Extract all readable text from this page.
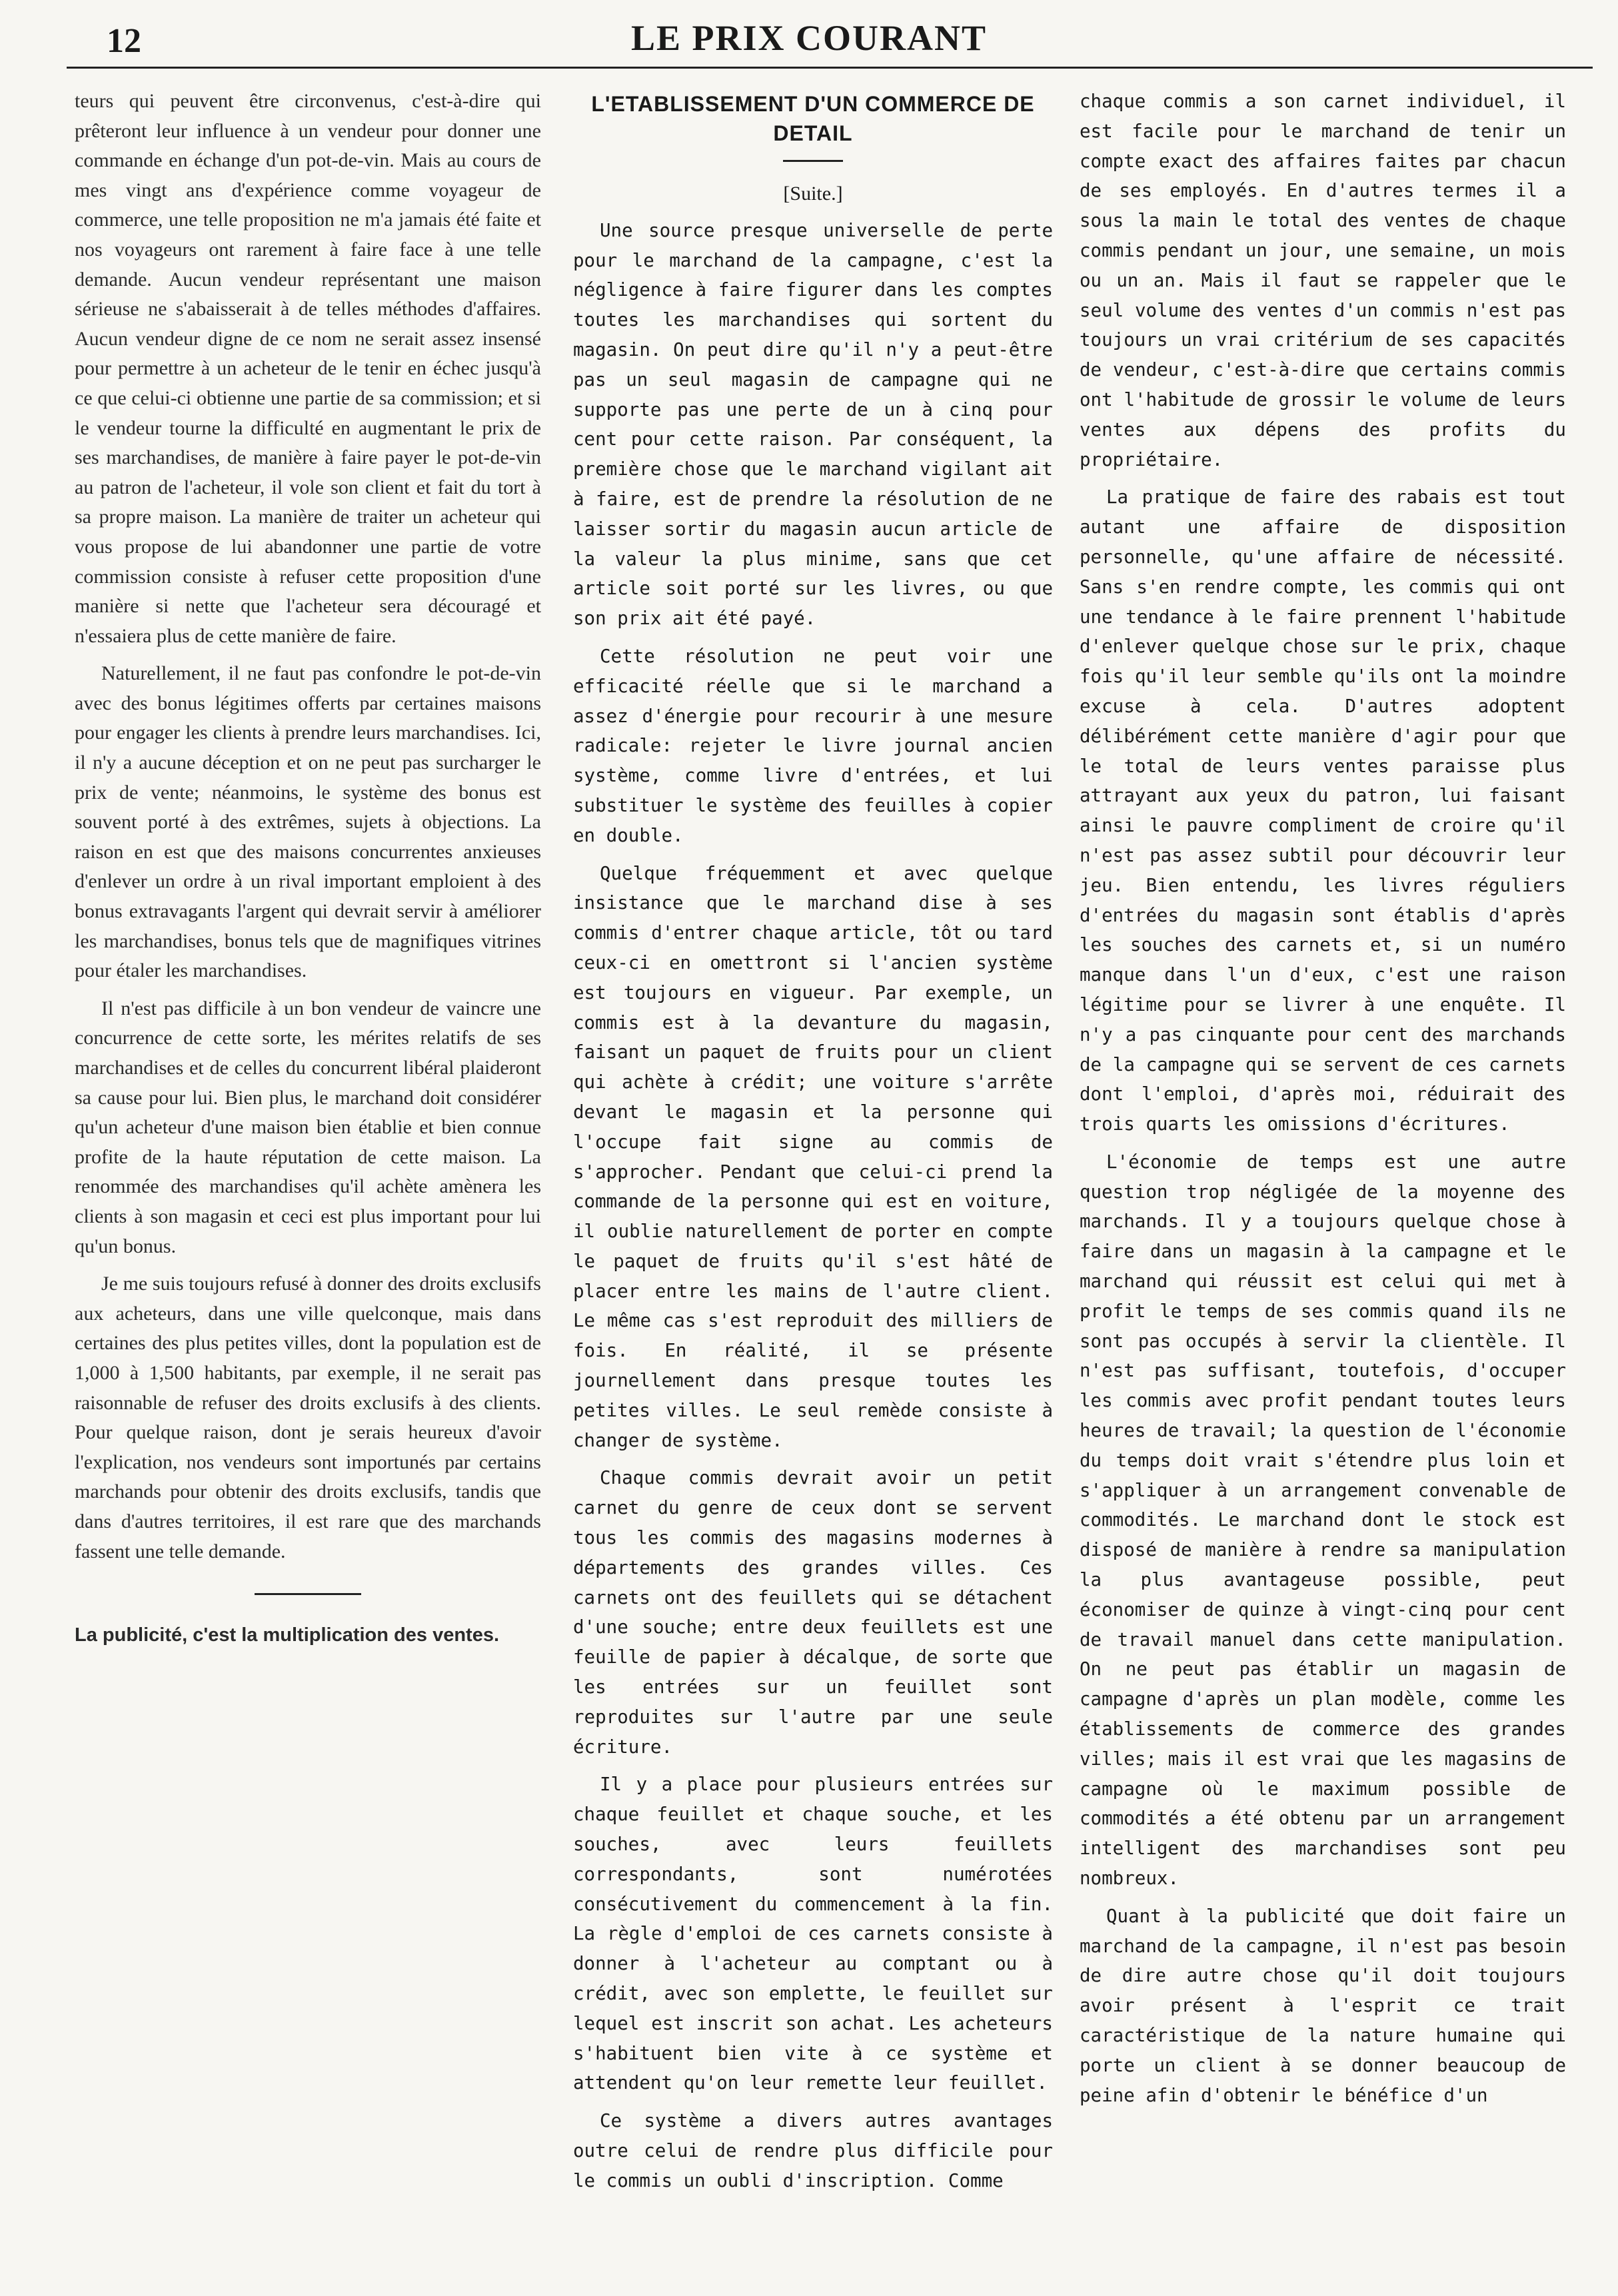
12	LE PRIX COURANT

teurs qui peuvent être circonvenus, c'est-à-dire qui prêteront leur influence à un vendeur pour donner une commande en échange d'un pot-de-vin. Mais au cours de mes vingt ans d'expérience comme voyageur de commerce, une telle proposition ne m'a jamais été faite et nos voyageurs ont rarement à faire face à une telle demande. Aucun vendeur représentant une maison sérieuse ne s'abaisserait à de telles méthodes d'affaires. Aucun vendeur digne de ce nom ne serait assez insensé pour permettre à un acheteur de le tenir en échec jusqu'à ce que celui-ci obtienne une partie de sa commission; et si le vendeur tourne la difficulté en augmentant le prix de ses marchandises, de manière à faire payer le pot-de-vin au patron de l'acheteur, il vole son client et fait du tort à sa propre maison. La manière de traiter un acheteur qui vous propose de lui abandonner une partie de votre commission consiste à refuser cette proposition d'une manière si nette que l'acheteur sera découragé et n'essaiera plus de cette manière de faire.

Naturellement, il ne faut pas confondre le pot-de-vin avec des bonus légitimes offerts par certaines maisons pour engager les clients à prendre leurs marchandises. Ici, il n'y a aucune déception et on ne peut pas surcharger le prix de vente; néanmoins, le système des bonus est souvent porté à des extrêmes, sujets à objections. La raison en est que des maisons concurrentes anxieuses d'enlever un ordre à un rival important emploient à des bonus extravagants l'argent qui devrait servir à améliorer les marchandises, bonus tels que de magnifiques vitrines pour étaler les marchandises.

Il n'est pas difficile à un bon vendeur de vaincre une concurrence de cette sorte, les mérites relatifs de ses marchandises et de celles du concurrent libéral plaideront sa cause pour lui. Bien plus, le marchand doit considérer qu'un acheteur d'une maison bien établie et bien connue profite de la haute réputation de cette maison. La renommée des marchandises qu'il achète amènera les clients à son magasin et ceci est plus important pour lui qu'un bonus.

Je me suis toujours refusé à donner des droits exclusifs aux acheteurs, dans une ville quelconque, mais dans certaines des plus petites villes, dont la population est de 1,000 à 1,500 habitants, par exemple, il ne serait pas raisonnable de refuser des droits exclusifs à des clients. Pour quelque raison, dont je serais heureux d'avoir l'explication, nos vendeurs sont importunés par certains marchands pour obtenir des droits exclusifs, tandis que dans d'autres territoires, il est rare que des marchands fassent une telle demande.

La publicité, c'est la multiplication des ventes.
L'ETABLISSEMENT D'UN COMMERCE DE DETAIL
[Suite.]

Une source presque universelle de perte pour le marchand de la campagne, c'est la négligence à faire figurer dans les comptes toutes les marchandises qui sortent du magasin. On peut dire qu'il n'y a peut-être pas un seul magasin de campagne qui ne supporte pas une perte de un à cinq pour cent pour cette raison. Par conséquent, la première chose que le marchand vigilant ait à faire, est de prendre la résolution de ne laisser sortir du magasin aucun article de la valeur la plus minime, sans que cet article soit porté sur les livres, ou que son prix ait été payé.

Cette résolution ne peut voir une efficacité réelle que si le marchand a assez d'énergie pour recourir à une mesure radicale: rejeter le livre journal ancien système, comme livre d'entrées, et lui substituer le système des feuilles à copier en double.

Quelque fréquemment et avec quelque insistance que le marchand dise à ses commis d'entrer chaque article, tôt ou tard ceux-ci en omettront si l'ancien système est toujours en vigueur. Par exemple, un commis est à la devanture du magasin, faisant un paquet de fruits pour un client qui achète à crédit; une voiture s'arrête devant le magasin et la personne qui l'occupe fait signe au commis de s'approcher. Pendant que celui-ci prend la commande de la personne qui est en voiture, il oublie naturellement de porter en compte le paquet de fruits qu'il s'est hâté de placer entre les mains de l'autre client. Le même cas s'est reproduit des milliers de fois. En réalité, il se présente journellement dans presque toutes les petites villes. Le seul remède consiste à changer de système.

Chaque commis devrait avoir un petit carnet du genre de ceux dont se servent tous les commis des magasins modernes à départements des grandes villes. Ces carnets ont des feuillets qui se détachent d'une souche; entre deux feuillets est une feuille de papier à décalque, de sorte que les entrées sur un feuillet sont reproduites sur l'autre par une seule écriture.

Il y a place pour plusieurs entrées sur chaque feuillet et chaque souche, et les souches, avec leurs feuillets correspondants, sont numérotées consécutivement du commencement à la fin. La règle d'emploi de ces carnets consiste à donner à l'acheteur au comptant ou à crédit, avec son emplette, le feuillet sur lequel est inscrit son achat. Les acheteurs s'habituent bien vite à ce système et attendent qu'on leur remette leur feuillet.

Ce système a divers autres avantages outre celui de rendre plus difficile pour le commis un oubli d'inscription. Comme

chaque commis a son carnet individuel, il est facile pour le marchand de tenir un compte exact des affaires faites par chacun de ses employés. En d'autres termes il a sous la main le total des ventes de chaque commis pendant un jour, une semaine, un mois ou un an. Mais il faut se rappeler que le seul volume des ventes d'un commis n'est pas toujours un vrai critérium de ses capacités de vendeur, c'est-à-dire que certains commis ont l'habitude de grossir le volume de leurs ventes aux dépens des profits du propriétaire.

La pratique de faire des rabais est tout autant une affaire de disposition personnelle, qu'une affaire de nécessité. Sans s'en rendre compte, les commis qui ont une tendance à le faire prennent l'habitude d'enlever quelque chose sur le prix, chaque fois qu'il leur semble qu'ils ont la moindre excuse à cela. D'autres adoptent délibérément cette manière d'agir pour que le total de leurs ventes paraisse plus attrayant aux yeux du patron, lui faisant ainsi le pauvre compliment de croire qu'il n'est pas assez subtil pour découvrir leur jeu. Bien entendu, les livres réguliers d'entrées du magasin sont établis d'après les souches des carnets et, si un numéro manque dans l'un d'eux, c'est une raison légitime pour se livrer à une enquête. Il n'y a pas cinquante pour cent des marchands de la campagne qui se servent de ces carnets dont l'emploi, d'après moi, réduirait des trois quarts les omissions d'écritures.

L'économie de temps est une autre question trop négligée de la moyenne des marchands. Il y a toujours quelque chose à faire dans un magasin à la campagne et le marchand qui réussit est celui qui met à profit le temps de ses commis quand ils ne sont pas occupés à servir la clientèle. Il n'est pas suffisant, toutefois, d'occuper les commis avec profit pendant toutes leurs heures de travail; la question de l'économie du temps doit vrait s'étendre plus loin et s'appliquer à un arrangement convenable de commodités. Le marchand dont le stock est disposé de manière à rendre sa manipulation la plus avantageuse possible, peut économiser de quinze à vingt-cinq pour cent de travail manuel dans cette manipulation. On ne peut pas établir un magasin de campagne d'après un plan modèle, comme les établissements de commerce des grandes villes; mais il est vrai que les magasins de campagne où le maximum possible de commodités a été obtenu par un arrangement intelligent des marchandises sont peu nombreux.

Quant à la publicité que doit faire un marchand de la campagne, il n'est pas besoin de dire autre chose qu'il doit toujours avoir présent à l'esprit ce trait caractéristique de la nature humaine qui porte un client à se donner beaucoup de peine afin d'obtenir le bénéfice d'un
